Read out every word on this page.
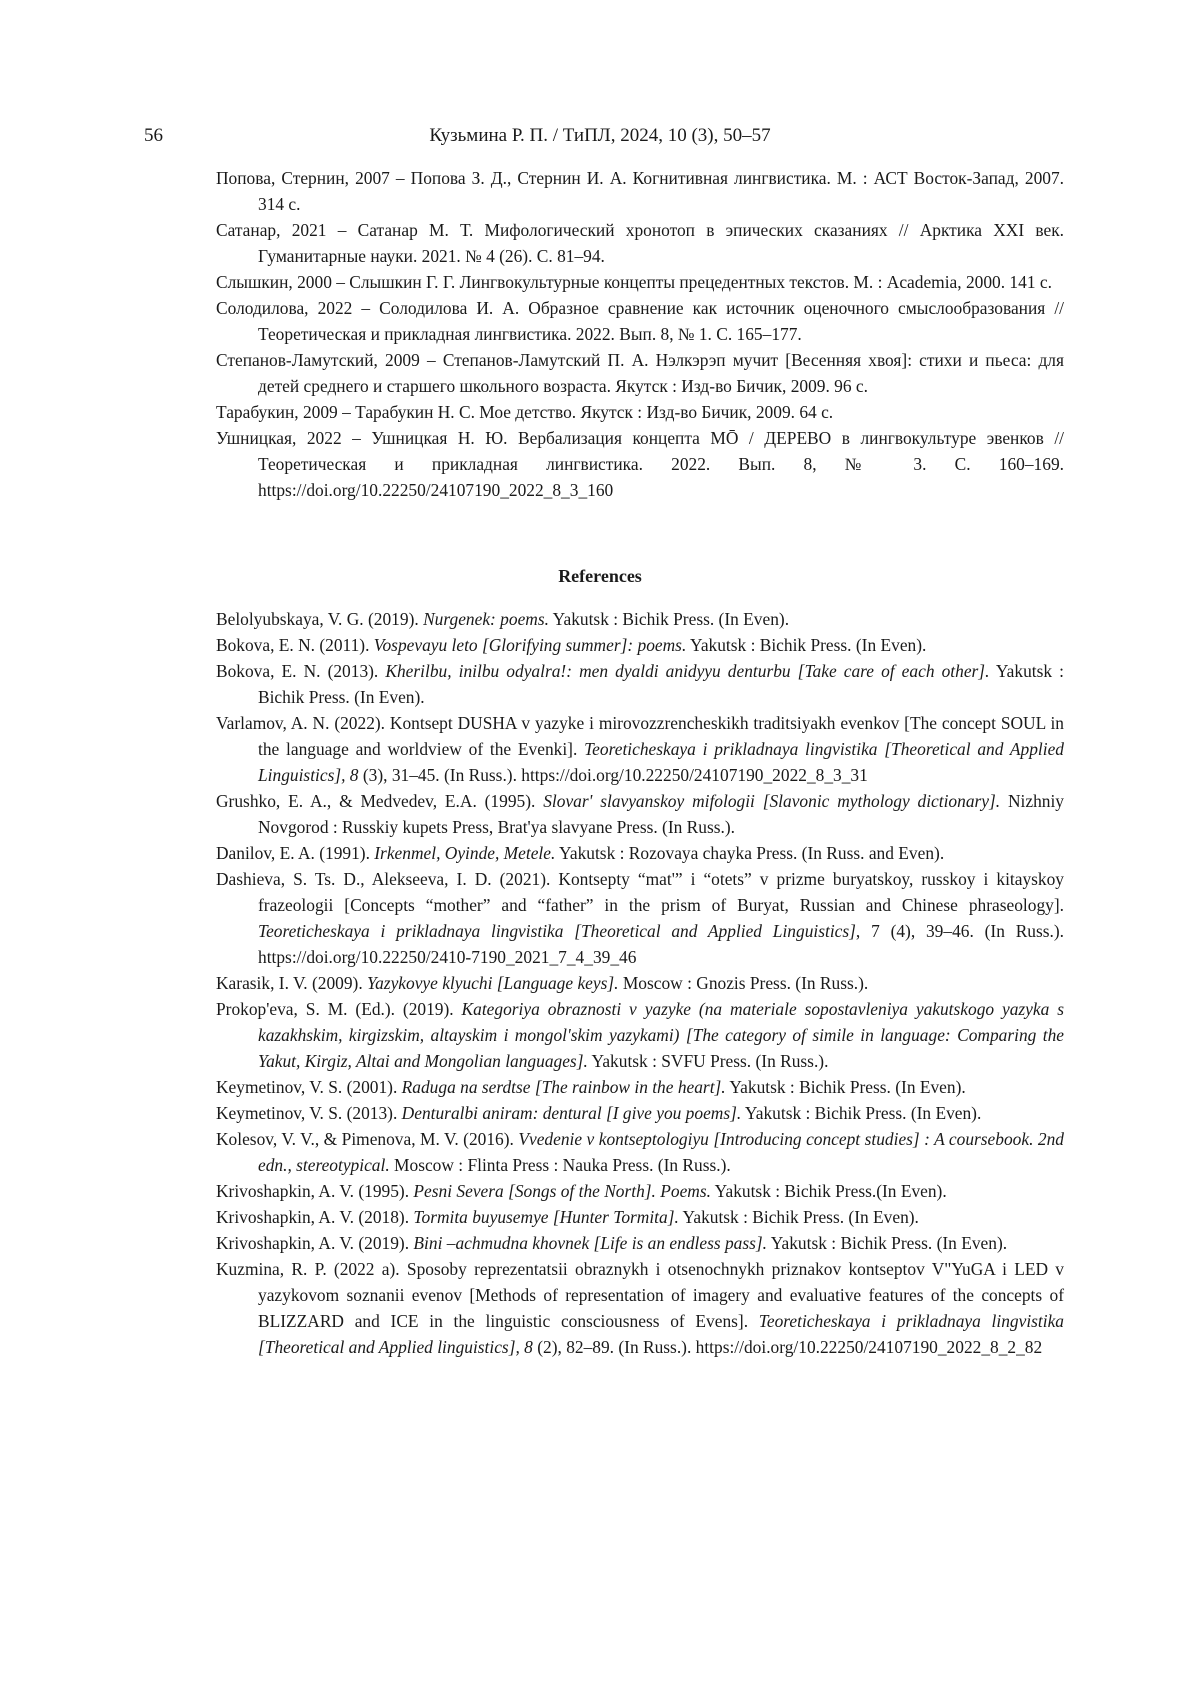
56	Кузьмина Р. П. / ТиПЛ, 2024, 10 (3), 50–57

Попова, Стернин, 2007 – Попова З. Д., Стернин И. А. Когнитивная лингвистика. М. : АСТ Восток-Запад, 2007. 314 с.

Сатанар, 2021 – Сатанар М. Т. Мифологический хронотоп в эпических сказаниях // Арктика XXI век. Гуманитарные науки. 2021. № 4 (26). С. 81–94.

Слышкин, 2000 – Слышкин Г. Г. Лингвокультурные концепты прецедентных текстов. М. : Academia, 2000. 141 с.

Солодилова, 2022 – Солодилова И. А. Образное сравнение как источник оценочного смыслообразования // Теоретическая и прикладная лингвистика. 2022. Вып. 8, № 1. С. 165–177.

Степанов-Ламутский, 2009 – Степанов-Ламутский П. А. Нэлкэрэп мучит [Весенняя хвоя]: стихи и пьеса: для детей среднего и старшего школьного возраста. Якутск : Изд-во Бичик, 2009. 96 с.

Тарабукин, 2009 – Тарабукин Н. С. Мое детство. Якутск : Изд-во Бичик, 2009. 64 с.

Ушницкая, 2022 – Ушницкая Н. Ю. Вербализация концепта МŌ / ДЕРЕВО в лингвокультуре эвенков // Теоретическая и прикладная лингвистика. 2022. Вып. 8, № 3. С. 160–169. https://doi.org/10.22250/24107190_2022_8_3_160

References

Belolyubskaya, V. G. (2019). Nurgenek: poems. Yakutsk : Bichik Press. (In Even).

Bokova, E. N. (2011). Vospevayu leto [Glorifying summer]: poems. Yakutsk : Bichik Press. (In Even).

Bokova, E. N. (2013). Kherilbu, inilbu odyalra!: men dyaldi anidyyu denturbu [Take care of each other]. Yakutsk : Bichik Press. (In Even).

Varlamov, A. N. (2022). Kontsept DUSHA v yazyke i mirovozzrencheskikh traditsiyakh evenkov [The concept SOUL in the language and worldview of the Evenki]. Teoreticheskaya i prikladnaya lingvistika [Theoretical and Applied Linguistics], 8 (3), 31–45. (In Russ.). https://doi.org/10.22250/24107190_2022_8_3_31

Grushko, E. A., & Medvedev, E.A. (1995). Slovar' slavyanskoy mifologii [Slavonic mythology dictionary]. Nizhniy Novgorod : Russkiy kupets Press, Brat'ya slavyane Press. (In Russ.).

Danilov, E. A. (1991). Irkenmel, Oyinde, Metele. Yakutsk : Rozovaya chayka Press. (In Russ. and Even).

Dashieva, S. Ts. D., Alekseeva, I. D. (2021). Kontsepty “mat'” i “otets” v prizme buryatskoy, russkoy i kitayskoy frazeologii [Concepts “mother” and “father” in the prism of Buryat, Russian and Chinese phraseology]. Teoreticheskaya i prikladnaya lingvistika [Theoretical and Applied Linguistics], 7 (4), 39–46. (In Russ.). https://doi.org/10.22250/2410-7190_2021_7_4_39_46

Karasik, I. V. (2009). Yazykovye klyuchi [Language keys]. Moscow : Gnozis Press. (In Russ.).

Prokop'eva, S. M. (Ed.). (2019). Kategoriya obraznosti v yazyke (na materiale sopostavleniya yakutskogo yazyka s kazakhskim, kirgizskim, altayskim i mongol'skim yazykami) [The category of simile in language: Comparing the Yakut, Kirgiz, Altai and Mongolian languages]. Yakutsk : SVFU Press. (In Russ.).

Keymetinov, V. S. (2001). Raduga na serdtse [The rainbow in the heart]. Yakutsk : Bichik Press. (In Even).

Keymetinov, V. S. (2013). Denturalbi aniram: dentural [I give you poems]. Yakutsk : Bichik Press. (In Even).

Kolesov, V. V., & Pimenova, M. V. (2016). Vvedenie v kontseptologiyu [Introducing concept studies] : A coursebook. 2nd edn., stereotypical. Moscow : Flinta Press : Nauka Press. (In Russ.).

Krivoshapkin, A. V. (1995). Pesni Severa [Songs of the North]. Poems. Yakutsk : Bichik Press.(In Even).

Krivoshapkin, A. V. (2018). Tormita buyusemye [Hunter Tormita]. Yakutsk : Bichik Press. (In Even).

Krivoshapkin, A. V. (2019). Bini –achmudna khovnek [Life is an endless pass]. Yakutsk : Bichik Press. (In Even).

Kuzmina, R. P. (2022 a). Sposoby reprezentatsii obraznykh i otsenochnykh priznakov kontseptov V"YuGA i LED v yazykovom soznanii evenov [Methods of representation of imagery and evaluative features of the concepts of BLIZZARD and ICE in the linguistic consciousness of Evens]. Teoreticheskaya i prikladnaya lingvistika [Theoretical and Applied linguistics], 8 (2), 82–89. (In Russ.). https://doi.org/10.22250/24107190_2022_8_2_82
